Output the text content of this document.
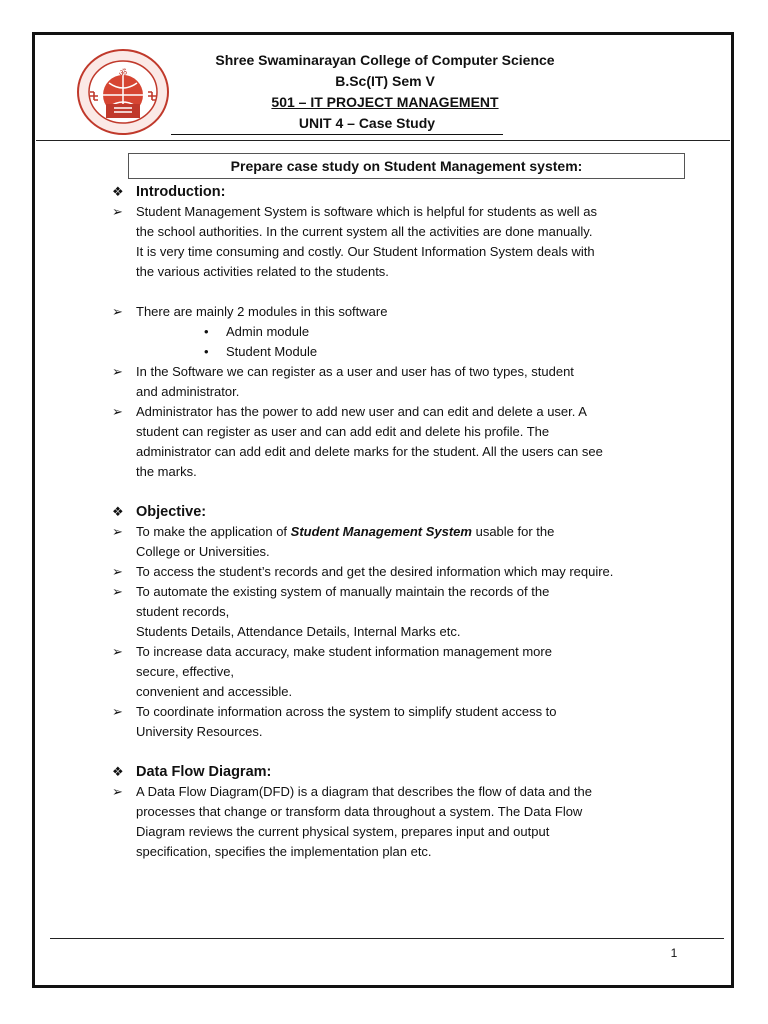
ॐ
Shree Swaminarayan College of Computer Science
B.Sc(IT) Sem V
501 – IT PROJECT MANAGEMENT
UNIT 4 – Case Study
Prepare case study on Student Management system:
❖ Introduction:
➢ Student Management System is software which is helpful for students as well as
the school authorities. In the current system all the activities are done manually.
It is very time consuming and costly. Our Student Information System deals with
the various activities related to the students.
➢ There are mainly 2 modules in this software
• Admin module
• Student Module
➢ In the Software we can register as a user and user has of two types, student
and administrator.
➢ Administrator has the power to add new user and can edit and delete a user. A
student can register as user and can add edit and delete his profile. The
administrator can add edit and delete marks for the student. All the users can see
the marks.
❖ Objective:
➢ To make the application of Student Management System usable for the
College or Universities.
➢ To access the student’s records and get the desired information which may require.
➢ To automate the existing system of manually maintain the records of the
student records,
Students Details, Attendance Details, Internal Marks etc.
➢ To increase data accuracy, make student information management more
secure, effective,
convenient and accessible.
➢ To coordinate information across the system to simplify student access to
University Resources.
❖ Data Flow Diagram:
➢ A Data Flow Diagram(DFD) is a diagram that describes the flow of data and the
processes that change or transform data throughout a system. The Data Flow
Diagram reviews the current physical system, prepares input and output
specification, specifies the implementation plan etc.
1
